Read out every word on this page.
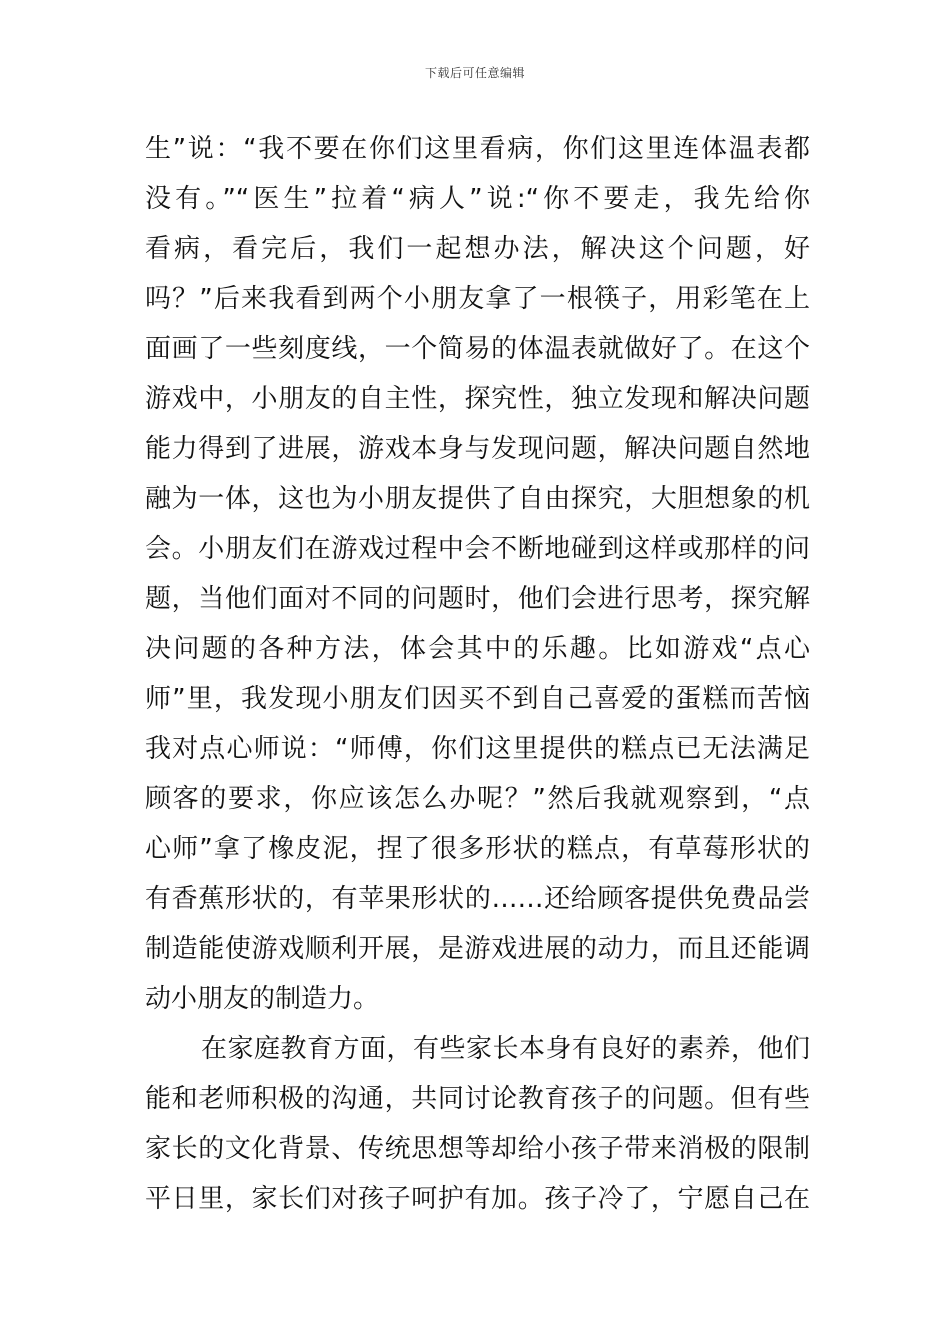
下载后可任意编辑
生”说：“我不要在你们这里看病，你们这里连体温表都
没有。”“医生”拉着“病人”说:“你不要走，我先给你
看病，看完后，我们一起想办法，解决这个问题，好
吗？”后来我看到两个小朋友拿了一根筷子，用彩笔在上
面画了一些刻度线，一个简易的体温表就做好了。在这个
游戏中，小朋友的自主性，探究性，独立发现和解决问题
能力得到了进展，游戏本身与发现问题，解决问题自然地
融为一体，这也为小朋友提供了自由探究，大胆想象的机
会。小朋友们在游戏过程中会不断地碰到这样或那样的问
题，当他们面对不同的问题时，他们会进行思考，探究解
决问题的各种方法，体会其中的乐趣。比如游戏“点心
师”里，我发现小朋友们因买不到自己喜爱的蛋糕而苦恼
我对点心师说：“师傅，你们这里提供的糕点已无法满足
顾客的要求，你应该怎么办呢？”然后我就观察到，“点
心师”拿了橡皮泥，捏了很多形状的糕点，有草莓形状的
有香蕉形状的，有苹果形状的……还给顾客提供免费品尝
制造能使游戏顺利开展，是游戏进展的动力，而且还能调
动小朋友的制造力。
在家庭教育方面，有些家长本身有良好的素养，他们
能和老师积极的沟通，共同讨论教育孩子的问题。但有些
家长的文化背景、传统思想等却给小孩子带来消极的限制
平日里，家长们对孩子呵护有加。孩子冷了，宁愿自己在
